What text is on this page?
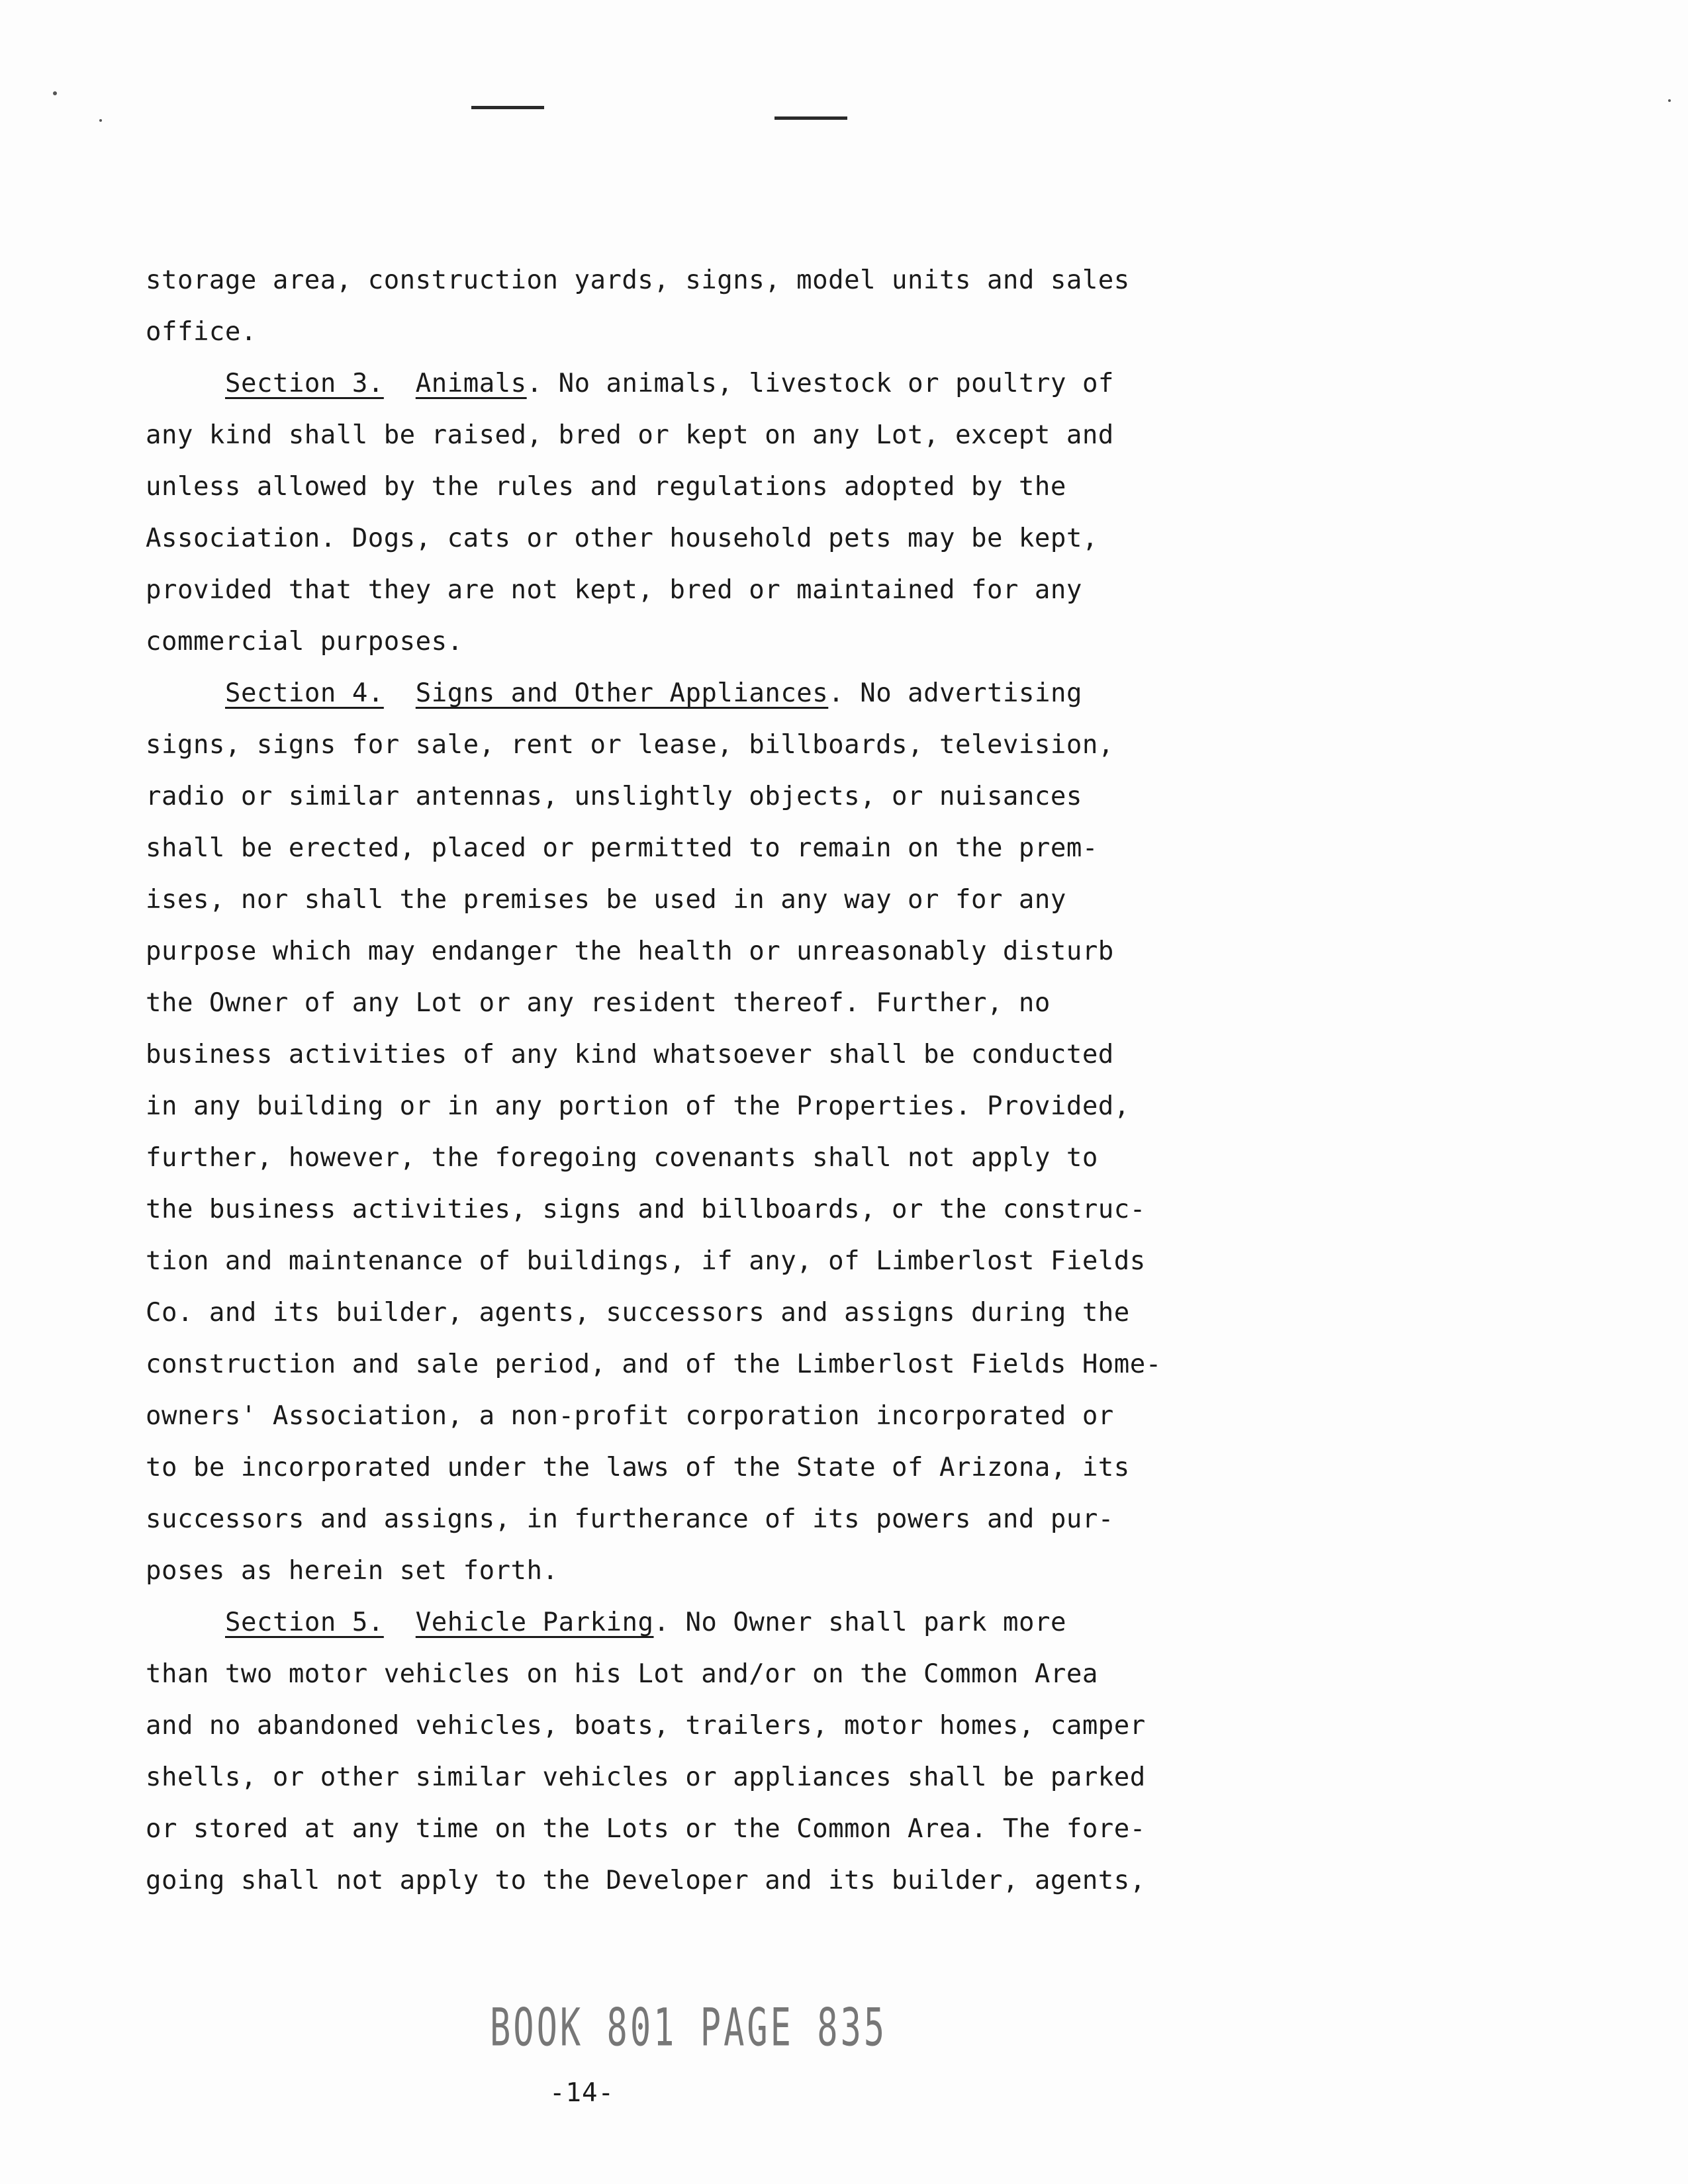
storage area, construction yards, signs, model units and sales
office.
Section 3. Animals. No animals, livestock or poultry of
any kind shall be raised, bred or kept on any Lot, except and
unless allowed by the rules and regulations adopted by the
Association. Dogs, cats or other household pets may be kept,
provided that they are not kept, bred or maintained for any
commercial purposes.
Section 4. Signs and Other Appliances. No advertising
signs, signs for sale, rent or lease, billboards, television,
radio or similar antennas, unslightly objects, or nuisances
shall be erected, placed or permitted to remain on the prem-
ises, nor shall the premises be used in any way or for any
purpose which may endanger the health or unreasonably disturb
the Owner of any Lot or any resident thereof. Further, no
business activities of any kind whatsoever shall be conducted
in any building or in any portion of the Properties. Provided,
further, however, the foregoing covenants shall not apply to
the business activities, signs and billboards, or the construc-
tion and maintenance of buildings, if any, of Limberlost Fields
Co. and its builder, agents, successors and assigns during the
construction and sale period, and of the Limberlost Fields Home-
owners' Association, a non-profit corporation incorporated or
to be incorporated under the laws of the State of Arizona, its
successors and assigns, in furtherance of its powers and pur-
poses as herein set forth.
Section 5. Vehicle Parking. No Owner shall park more
than two motor vehicles on his Lot and/or on the Common Area
and no abandoned vehicles, boats, trailers, motor homes, camper
shells, or other similar vehicles or appliances shall be parked
or stored at any time on the Lots or the Common Area. The fore-
going shall not apply to the Developer and its builder, agents,
BOOK 801 PAGE 835
-14-
